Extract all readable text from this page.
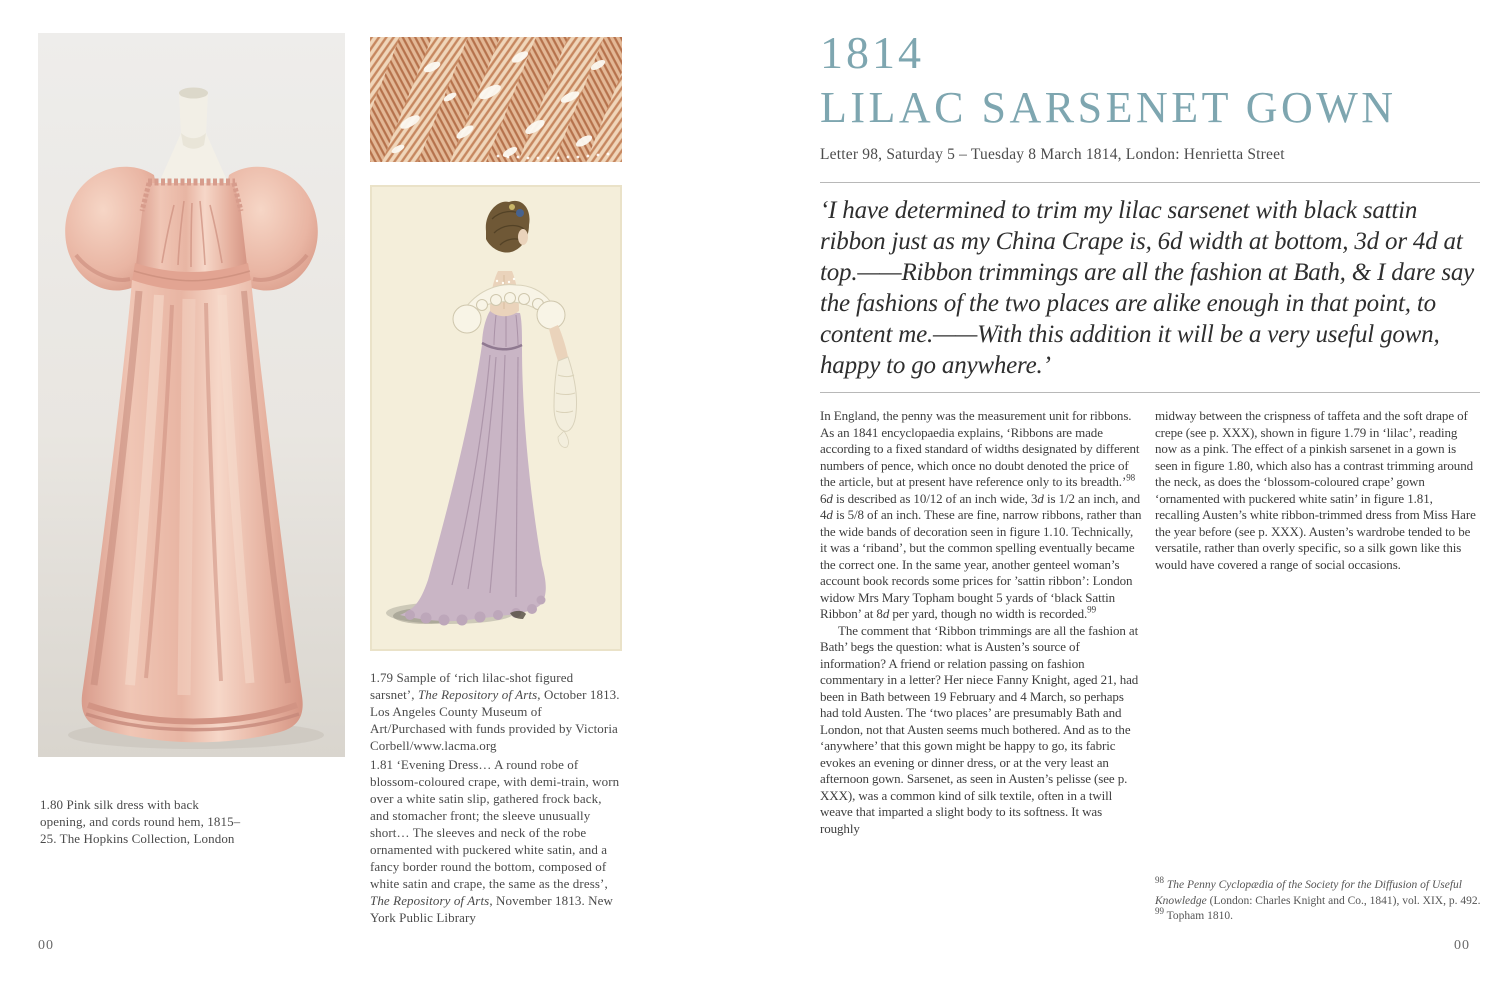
1.80 Pink silk dress with back opening, and cords round hem, 1815–25. The Hopkins Collection, London

1.79 Sample of ‘rich lilac-shot figured sarsnet’, The Repository of Arts, October 1813. Los Angeles County Museum of Art/Purchased with funds provided by Victoria Corbell/www.lacma.org

1.81 ‘Evening Dress… A round robe of blossom-coloured crape, with demi-train, worn over a white satin slip, gathered frock back, and stomacher front; the sleeve unusually short… The sleeves and neck of the robe ornamented with puckered white satin, and a fancy border round the bottom, composed of white satin and crape, the same as the dress’, The Repository of Arts, November 1813. New York Public Library

00
1814
LILAC SARSENET GOWN
Letter 98, Saturday 5 – Tuesday 8 March 1814, London: Henrietta Street
‘I have determined to trim my lilac sarsenet with black sattin ribbon just as my China Crape is, 6d width at bottom, 3d or 4d at top.——Ribbon trimmings are all the fashion at Bath, & I dare say the fashions of the two places are alike enough in that point, to content me.——With this addition it will be a very useful gown, happy to go anywhere.’

In England, the penny was the measurement unit for ribbons. As an 1841 encyclopaedia explains, ‘Ribbons are made according to a fixed standard of widths designated by different numbers of pence, which once no doubt denoted the price of the article, but at present have reference only to its breadth.’$^{98}$ 6d is described as 10/12 of an inch wide, 3d is 1/2 an inch, and 4d is 5/8 of an inch. These are fine, narrow ribbons, rather than the wide bands of decoration seen in figure 1.10. Technically, it was a ‘riband’, but the common spelling eventually became the correct one. In the same year, another genteel woman’s account book records some prices for ’sattin ribbon’: London widow Mrs Mary Topham bought 5 yards of ‘black Sattin Ribbon’ at 8d per yard, though no width is recorded.$^{99}$

The comment that ‘Ribbon trimmings are all the fashion at Bath’ begs the question: what is Austen’s source of information? A friend or relation passing on fashion commentary in a letter? Her niece Fanny Knight, aged 21, had been in Bath between 19 February and 4 March, so perhaps had told Austen. The ‘two places’ are presumably Bath and London, not that Austen seems much bothered. And as to the ‘anywhere’ that this gown might be happy to go, its fabric evokes an evening or dinner dress, or at the very least an afternoon gown. Sarsenet, as seen in Austen’s pelisse (see p. XXX), was a common kind of silk textile, often in a twill weave that imparted a slight body to its softness. It was roughly

midway between the crispness of taffeta and the soft drape of crepe (see p. XXX), shown in figure 1.79 in ‘lilac’, reading now as a pink. The effect of a pinkish sarsenet in a gown is seen in figure 1.80, which also has a contrast trimming around the neck, as does the ‘blossom-coloured crape’ gown ‘ornamented with puckered white satin’ in figure 1.81, recalling Austen’s white ribbon-trimmed dress from Miss Hare the year before (see p. XXX). Austen’s wardrobe tended to be versatile, rather than overly specific, so a silk gown like this would have covered a range of social occasions.

$^{98}$ The Penny Cyclopædia of the Society for the Diffusion of Useful Knowledge (London: Charles Knight and Co., 1841), vol. XIX, p. 492.

$^{99}$ Topham 1810.

00
